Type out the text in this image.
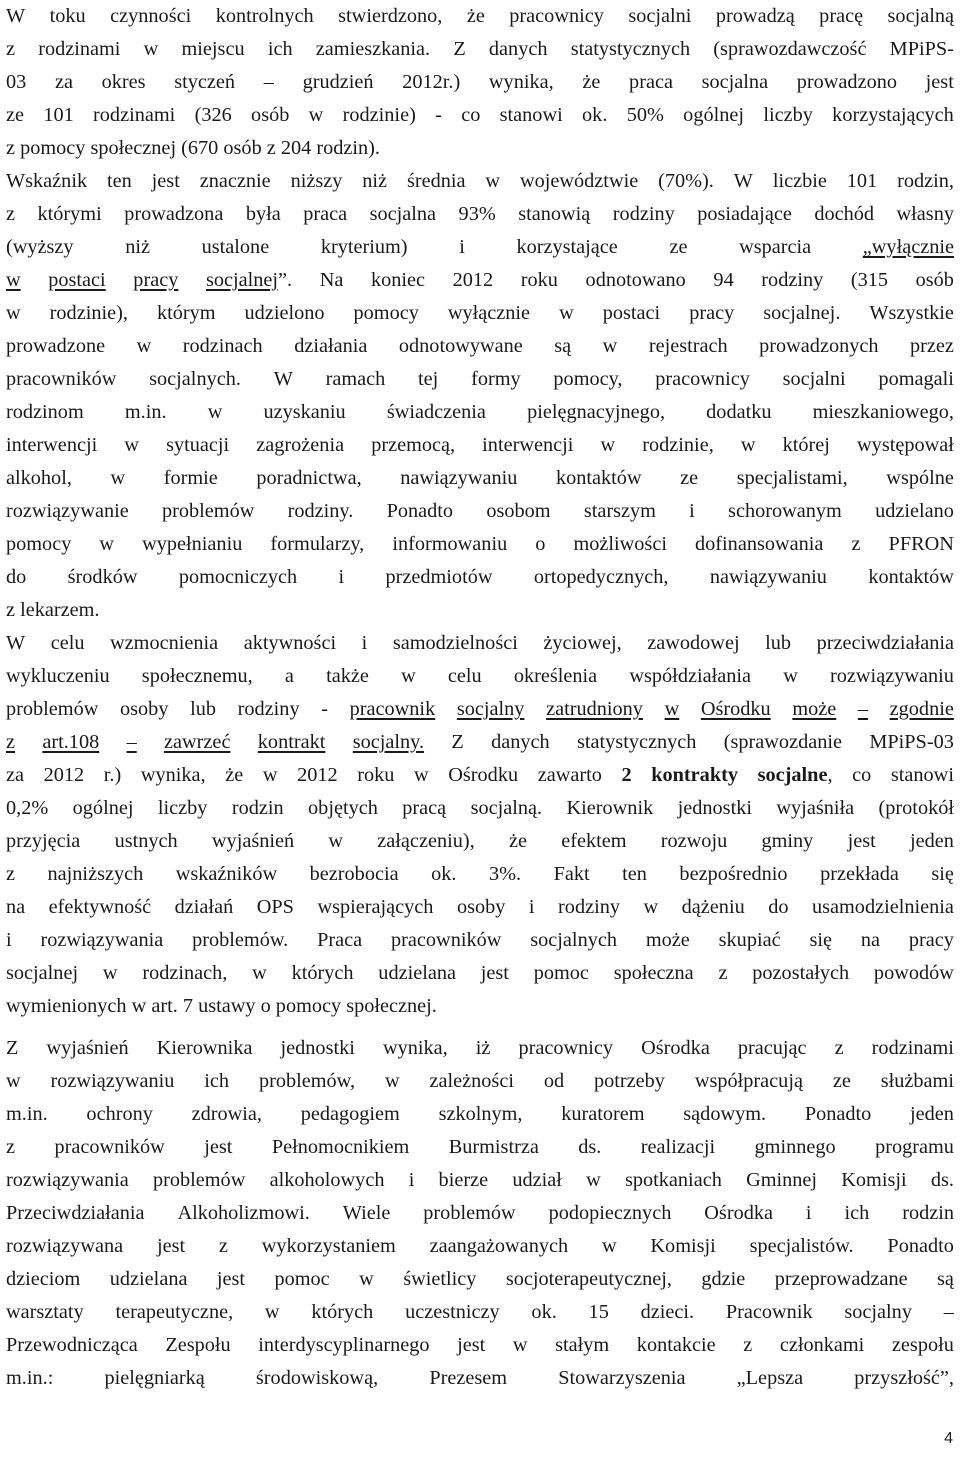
W toku czynności kontrolnych stwierdzono, że pracownicy socjalni prowadzą pracę socjalną
z rodzinami w miejscu ich zamieszkania. Z danych statystycznych (sprawozdawczość MPiPS-
03 za okres styczeń – grudzień 2012r.) wynika, że praca socjalna prowadzono jest
ze 101 rodzinami (326 osób w rodzinie) - co stanowi ok. 50% ogólnej liczby korzystających
z pomocy społecznej (670 osób z 204 rodzin).
Wskaźnik ten jest znacznie niższy niż średnia w województwie (70%). W liczbie 101 rodzin,
z którymi prowadzona była praca socjalna 93% stanowią rodziny posiadające dochód własny
(wyższy	niż	ustalone	kryterium)	i	korzystające	ze	wsparcia	„wyłącznie
w postaci pracy socjalnej”. Na koniec 2012 roku odnotowano 94 rodziny (315 osób
w rodzinie), którym udzielono pomocy wyłącznie w postaci pracy socjalnej. Wszystkie
prowadzone w rodzinach działania odnotowywane są w rejestrach prowadzonych przez
pracowników socjalnych. W ramach tej formy pomocy, pracownicy socjalni pomagali
rodzinom m.in. w uzyskaniu świadczenia pielęgnacyjnego, dodatku mieszkaniowego,
interwencji w sytuacji zagrożenia przemocą, interwencji w rodzinie, w której występował
alkohol, w formie poradnictwa, nawiązywaniu kontaktów ze specjalistami, wspólne
rozwiązywanie problemów rodziny. Ponadto osobom starszym i schorowanym udzielano
pomocy w wypełnianiu formularzy, informowaniu o możliwości dofinansowania z PFRON
do środków pomocniczych i przedmiotów ortopedycznych, nawiązywaniu kontaktów
z lekarzem.
W celu wzmocnienia aktywności i samodzielności życiowej, zawodowej lub przeciwdziałania
wykluczeniu społecznemu, a także w celu określenia współdziałania w rozwiązywaniu
problemów osoby lub rodziny - pracownik socjalny zatrudniony w Ośrodku może – zgodnie
z art.108 – zawrzeć kontrakt socjalny. Z danych statystycznych (sprawozdanie MPiPS-03
za 2012 r.) wynika, że w 2012 roku w Ośrodku zawarto 2 kontrakty socjalne, co stanowi
0,2% ogólnej liczby rodzin objętych pracą socjalną. Kierownik jednostki wyjaśniła (protokół
przyjęcia ustnych wyjaśnień w załączeniu), że efektem rozwoju gminy jest jeden
z najniższych wskaźników bezrobocia ok. 3%. Fakt ten bezpośrednio przekłada się
na efektywność działań OPS wspierających osoby i rodziny w dążeniu do usamodzielnienia
i rozwiązywania problemów. Praca pracowników socjalnych może skupiać się na pracy
socjalnej w rodzinach, w których udzielana jest pomoc społeczna z pozostałych powodów
wymienionych w art. 7 ustawy o pomocy społecznej.
Z wyjaśnień Kierownika jednostki wynika, iż pracownicy Ośrodka pracując z rodzinami
w rozwiązywaniu ich problemów, w zależności od potrzeby współpracują ze służbami
m.in. ochrony zdrowia, pedagogiem szkolnym, kuratorem sądowym. Ponadto jeden
z pracowników jest Pełnomocnikiem Burmistrza ds. realizacji gminnego programu
rozwiązywania problemów alkoholowych i bierze udział w spotkaniach Gminnej Komisji ds.
Przeciwdziałania Alkoholizmowi. Wiele problemów podopiecznych Ośrodka i ich rodzin
rozwiązywana jest z wykorzystaniem zaangażowanych w Komisji specjalistów. Ponadto
dzieciom udzielana jest pomoc w świetlicy socjoterapeutycznej, gdzie przeprowadzane są
warsztaty terapeutyczne, w których uczestniczy ok. 15 dzieci. Pracownik socjalny –
Przewodnicząca Zespołu interdyscyplinarnego jest w stałym kontakcie z członkami zespołu
m.in.:	pielęgniarką	środowiskową,	Prezesem	Stowarzyszenia	„Lepsza	przyszłość”,
4
